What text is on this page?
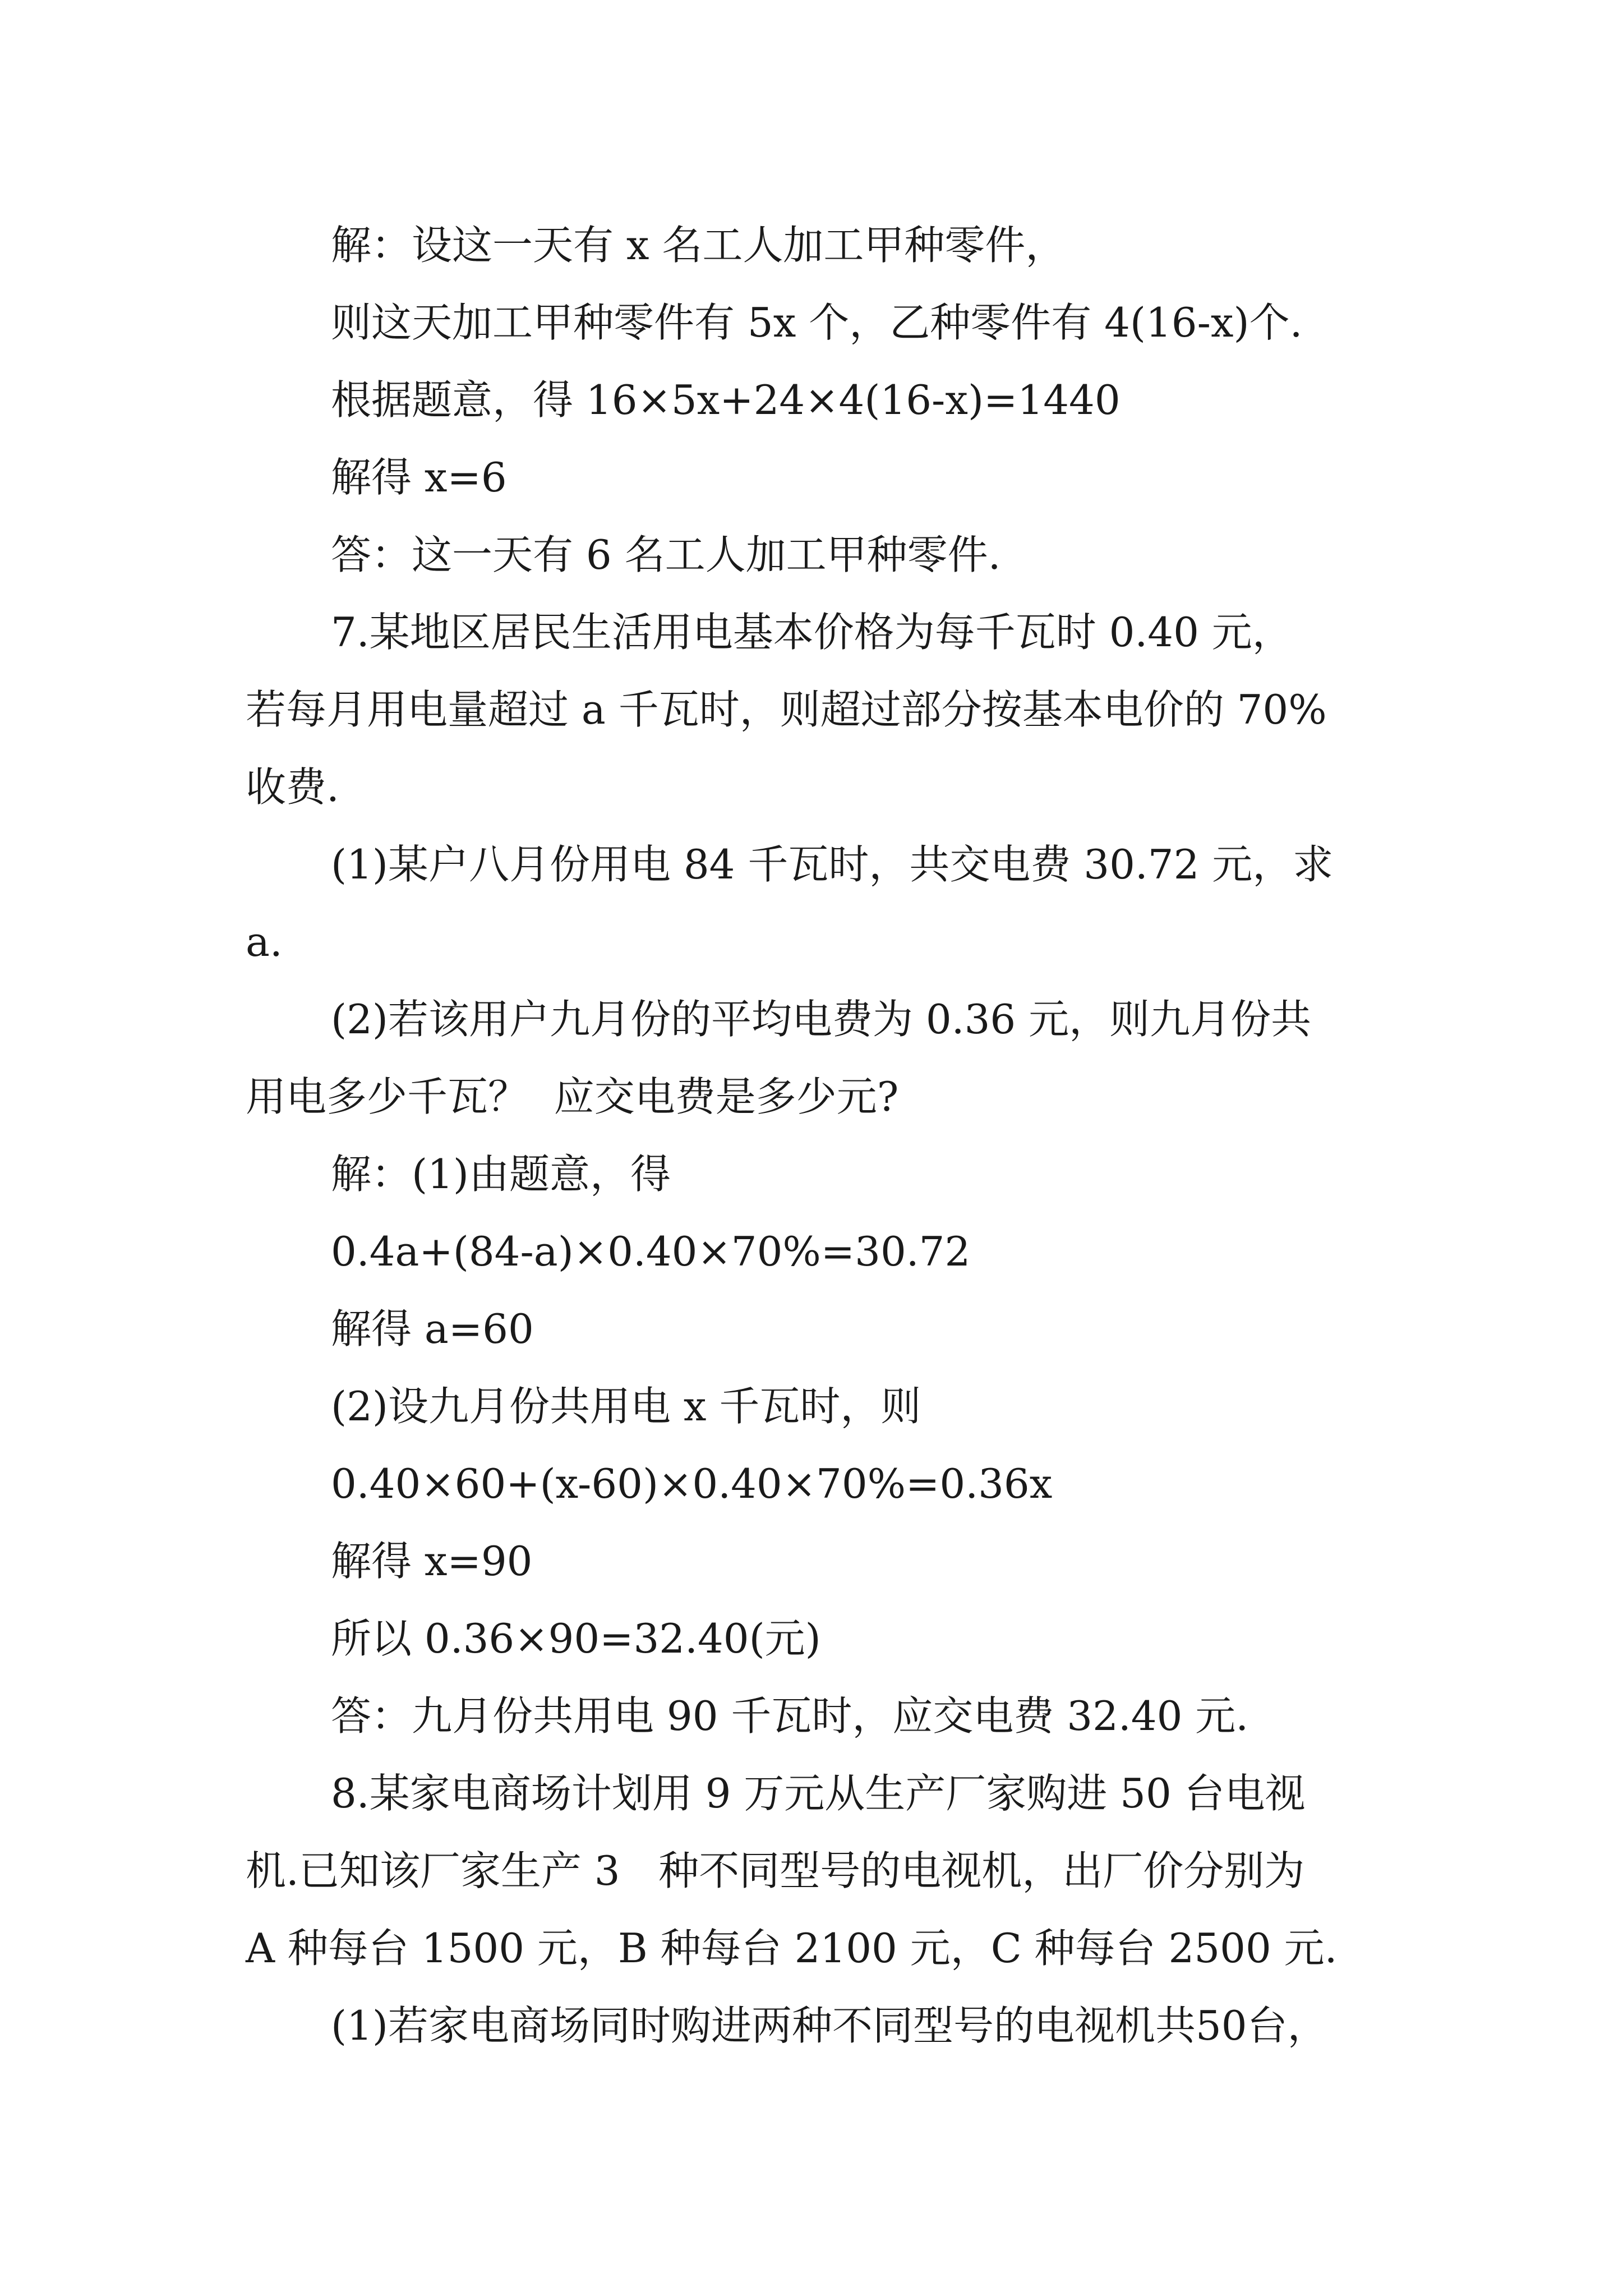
解：设这一天有 x 名工人加工甲种零件，
则这天加工甲种零件有 5x 个，乙种零件有 4(16-x)个.
根据题意，得 16×5x+24×4(16-x)=1440
解得 x=6
答：这一天有 6 名工人加工甲种零件.
7.某地区居民生活用电基本价格为每千瓦时 0.40 元，
若每月用电量超过 a 千瓦时，则超过部分按基本电价的 70%
收费.
(1)某户八月份用电 84 千瓦时，共交电费 30.72 元，求
a.
(2)若该用户九月份的平均电费为 0.36 元，则九月份共
用电多少千瓦？  应交电费是多少元?
解：(1)由题意，得
0.4a+(84-a)×0.40×70%=30.72
解得 a=60
(2)设九月份共用电 x 千瓦时，则
0.40×60+(x-60)×0.40×70%=0.36x
解得 x=90
所以 0.36×90=32.40(元)
答：九月份共用电 90 千瓦时，应交电费 32.40 元.
8.某家电商场计划用 9 万元从生产厂家购进 50 台电视
机.已知该厂家生产 3   种不同型号的电视机，出厂价分别为
A 种每台 1500 元，B 种每台 2100 元，C 种每台 2500 元.
(1)若家电商场同时购进两种不同型号的电视机共50台，
